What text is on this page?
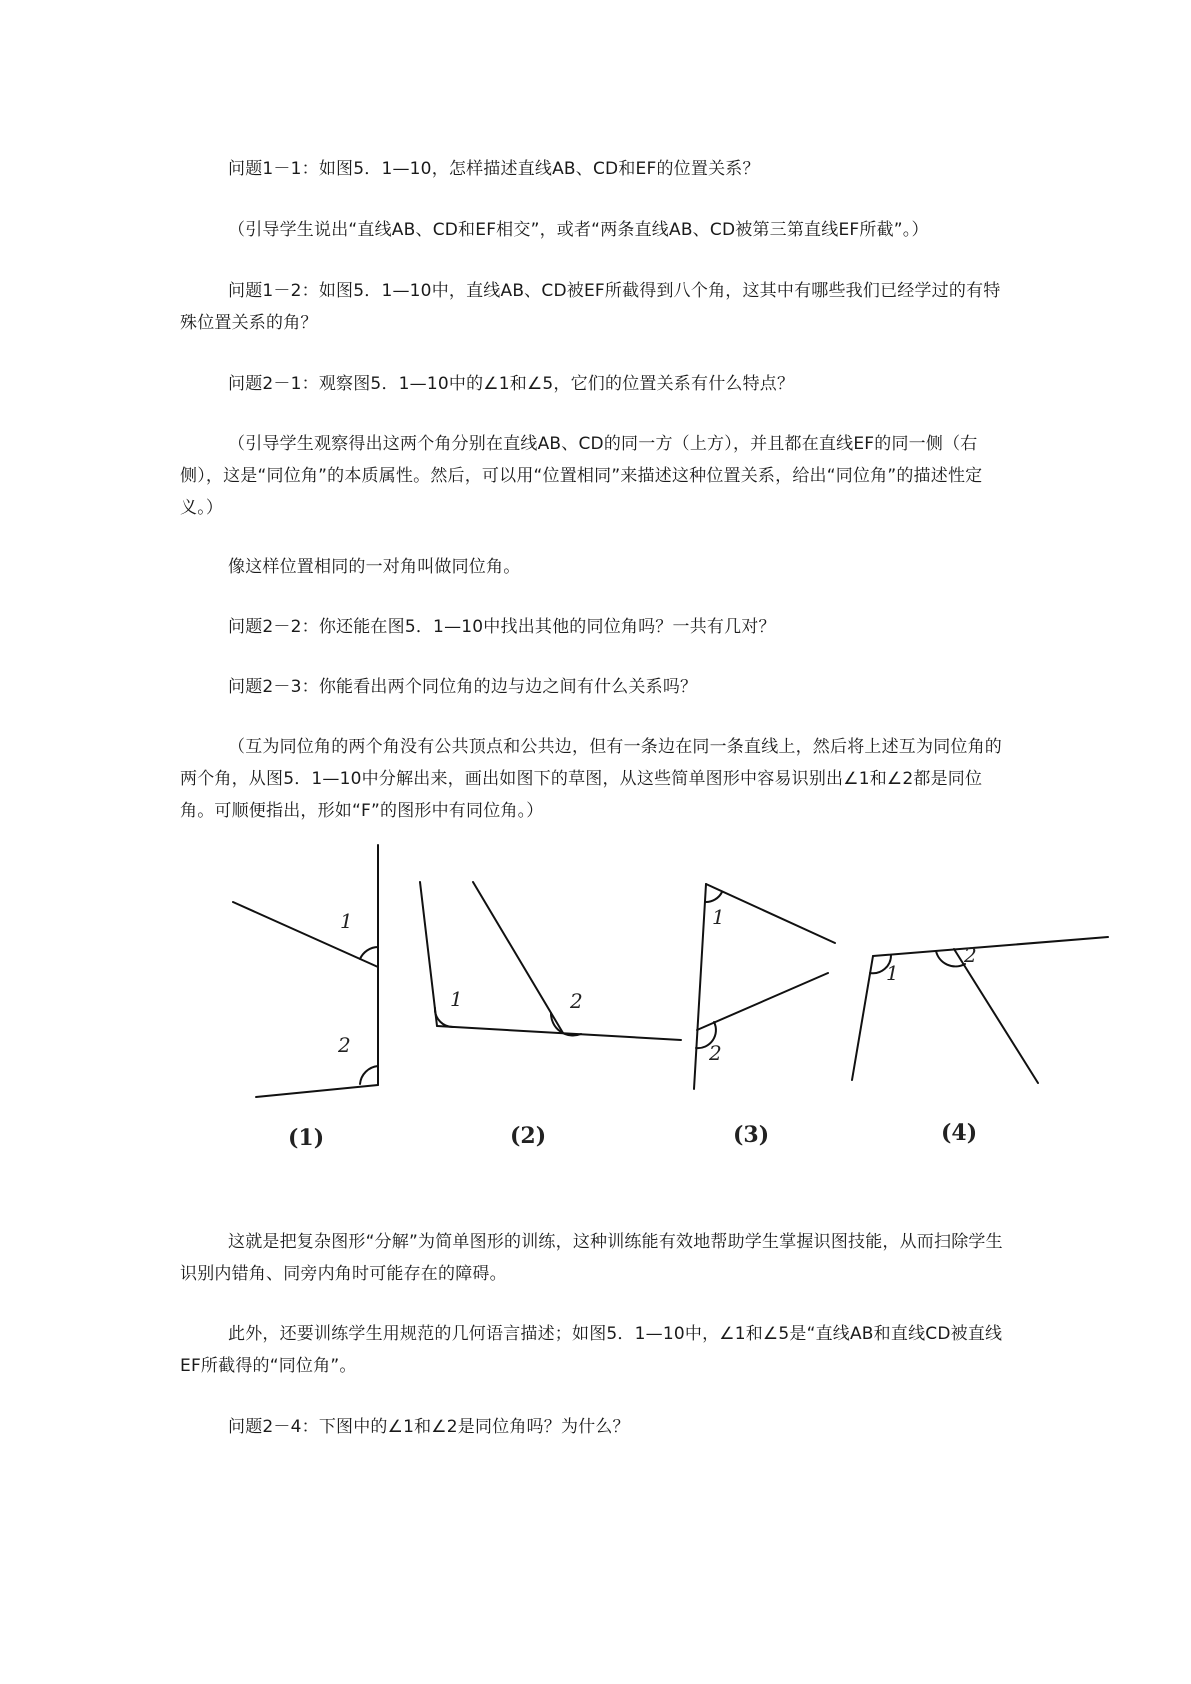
问题1－1：如图5．1—10，怎样描述直线AB、CD和EF的位置关系？

（引导学生说出“直线AB、CD和EF相交”，或者“两条直线AB、CD被第三第直线EF所截”。）

问题1－2：如图5．1—10中，直线AB、CD被EF所截得到八个角，这其中有哪些我们已经学过的有特殊位置关系的角？

问题2－1：观察图5．1—10中的∠1和∠5，它们的位置关系有什么特点？

（引导学生观察得出这两个角分别在直线AB、CD的同一方（上方），并且都在直线EF的同一侧（右侧），这是“同位角”的本质属性。然后，可以用“位置相同”来描述这种位置关系，给出“同位角”的描述性定义。）

像这样位置相同的一对角叫做同位角。

问题2－2：你还能在图5．1—10中找出其他的同位角吗？一共有几对？

问题2－3：你能看出两个同位角的边与边之间有什么关系吗？

（互为同位角的两个角没有公共顶点和公共边，但有一条边在同一条直线上，然后将上述互为同位角的两个角，从图5．1—10中分解出来，画出如图下的草图，从这些简单图形中容易识别出∠1和∠2都是同位角。可顺便指出，形如“F”的图形中有同位角。）

1
2
1	2
1
2
1
2
(1)	(2)	(3)	(4)

这就是把复杂图形“分解”为简单图形的训练，这种训练能有效地帮助学生掌握识图技能，从而扫除学生识别内错角、同旁内角时可能存在的障碍。

此外，还要训练学生用规范的几何语言描述；如图5．1—10中，∠1和∠5是“直线AB和直线CD被直线EF所截得的“同位角”。

问题2－4：下图中的∠1和∠2是同位角吗？为什么？
